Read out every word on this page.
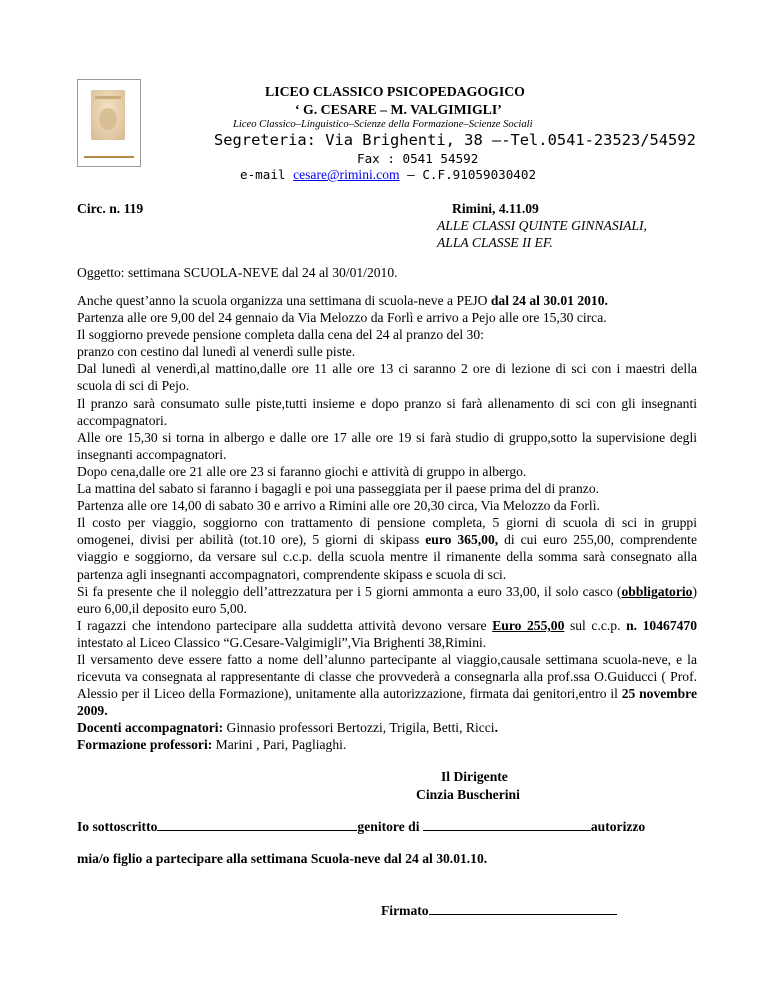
LICEO CLASSICO PSICOPEDAGOGICO
‘ G. CESARE – M. VALGIMIGLI’
Liceo Classico–Linguistico–Scienze della Formazione–Scienze Sociali
Segreteria: Via Brighenti, 38 –-Tel.0541-23523/54592
Fax : 0541 54592
e-mail cesare@rimini.com – C.F.91059030402
Circ. n. 119	Rimini, 4.11.09
ALLE CLASSI QUINTE GINNASIALI,
ALLA CLASSE II EF.
Oggetto: settimana SCUOLA-NEVE dal 24 al 30/01/2010.

Anche quest’anno la scuola organizza una settimana di scuola-neve a PEJO dal 24 al 30.01 2010.

Partenza alle ore 9,00 del 24 gennaio da Via Melozzo da Forlì e arrivo a Pejo alle ore 15,30 circa.

Il soggiorno prevede pensione completa dalla cena del 24 al pranzo del 30:

pranzo con cestino dal lunedì al venerdì sulle piste.

Dal lunedì al venerdì,al mattino,dalle ore 11 alle ore 13 ci saranno 2 ore di lezione di sci con i maestri della scuola di sci di Pejo.

Il pranzo sarà consumato sulle piste,tutti insieme e dopo pranzo si farà allenamento di sci con gli insegnanti accompagnatori.

Alle ore 15,30 si torna in albergo e dalle ore 17 alle ore 19 si farà studio di gruppo,sotto la supervisione degli insegnanti accompagnatori.

Dopo cena,dalle ore 21 alle ore 23 si faranno giochi e attività di gruppo in albergo.

La mattina del sabato si faranno i bagagli e poi una passeggiata per il paese prima del di pranzo.

Partenza alle ore 14,00 di sabato 30 e arrivo a Rimini alle ore 20,30 circa, Via Melozzo da Forlì.

Il costo per viaggio, soggiorno con trattamento di pensione completa, 5 giorni di scuola di sci in gruppi omogenei, divisi per abilità (tot.10 ore), 5 giorni di skipass euro 365,00, di cui euro 255,00, comprendente viaggio e soggiorno, da versare sul c.c.p. della scuola mentre il rimanente della somma sarà consegnato alla partenza agli insegnanti accompagnatori, comprendente skipass e scuola di sci.

Si fa presente che il noleggio dell’attrezzatura per i 5 giorni ammonta a euro 33,00, il solo casco (obbligatorio) euro 6,00,il deposito euro 5,00.

I ragazzi che intendono partecipare alla suddetta attività devono versare Euro 255,00 sul c.c.p. n. 10467470 intestato al Liceo Classico “G.Cesare-Valgimigli”,Via Brighenti 38,Rimini.

Il versamento deve essere fatto a nome dell’alunno partecipante al viaggio,causale settimana scuola-neve, e la ricevuta va consegnata al rappresentante di classe che provvederà a consegnarla alla prof.ssa O.Guiducci ( Prof. Alessio per il Liceo della Formazione), unitamente alla autorizzazione, firmata dai genitori,entro il 25 novembre 2009.

Docenti accompagnatori: Ginnasio professori Bertozzi, Trigila, Betti, Ricci.

Formazione professori: Marini , Pari, Pagliaghi.

Il Dirigente
Cinzia Buscherini
Io sottoscritto	genitore di	autorizzo
mia/o figlio a partecipare alla settimana Scuola-neve dal 24 al 30.01.10.
Firmato
